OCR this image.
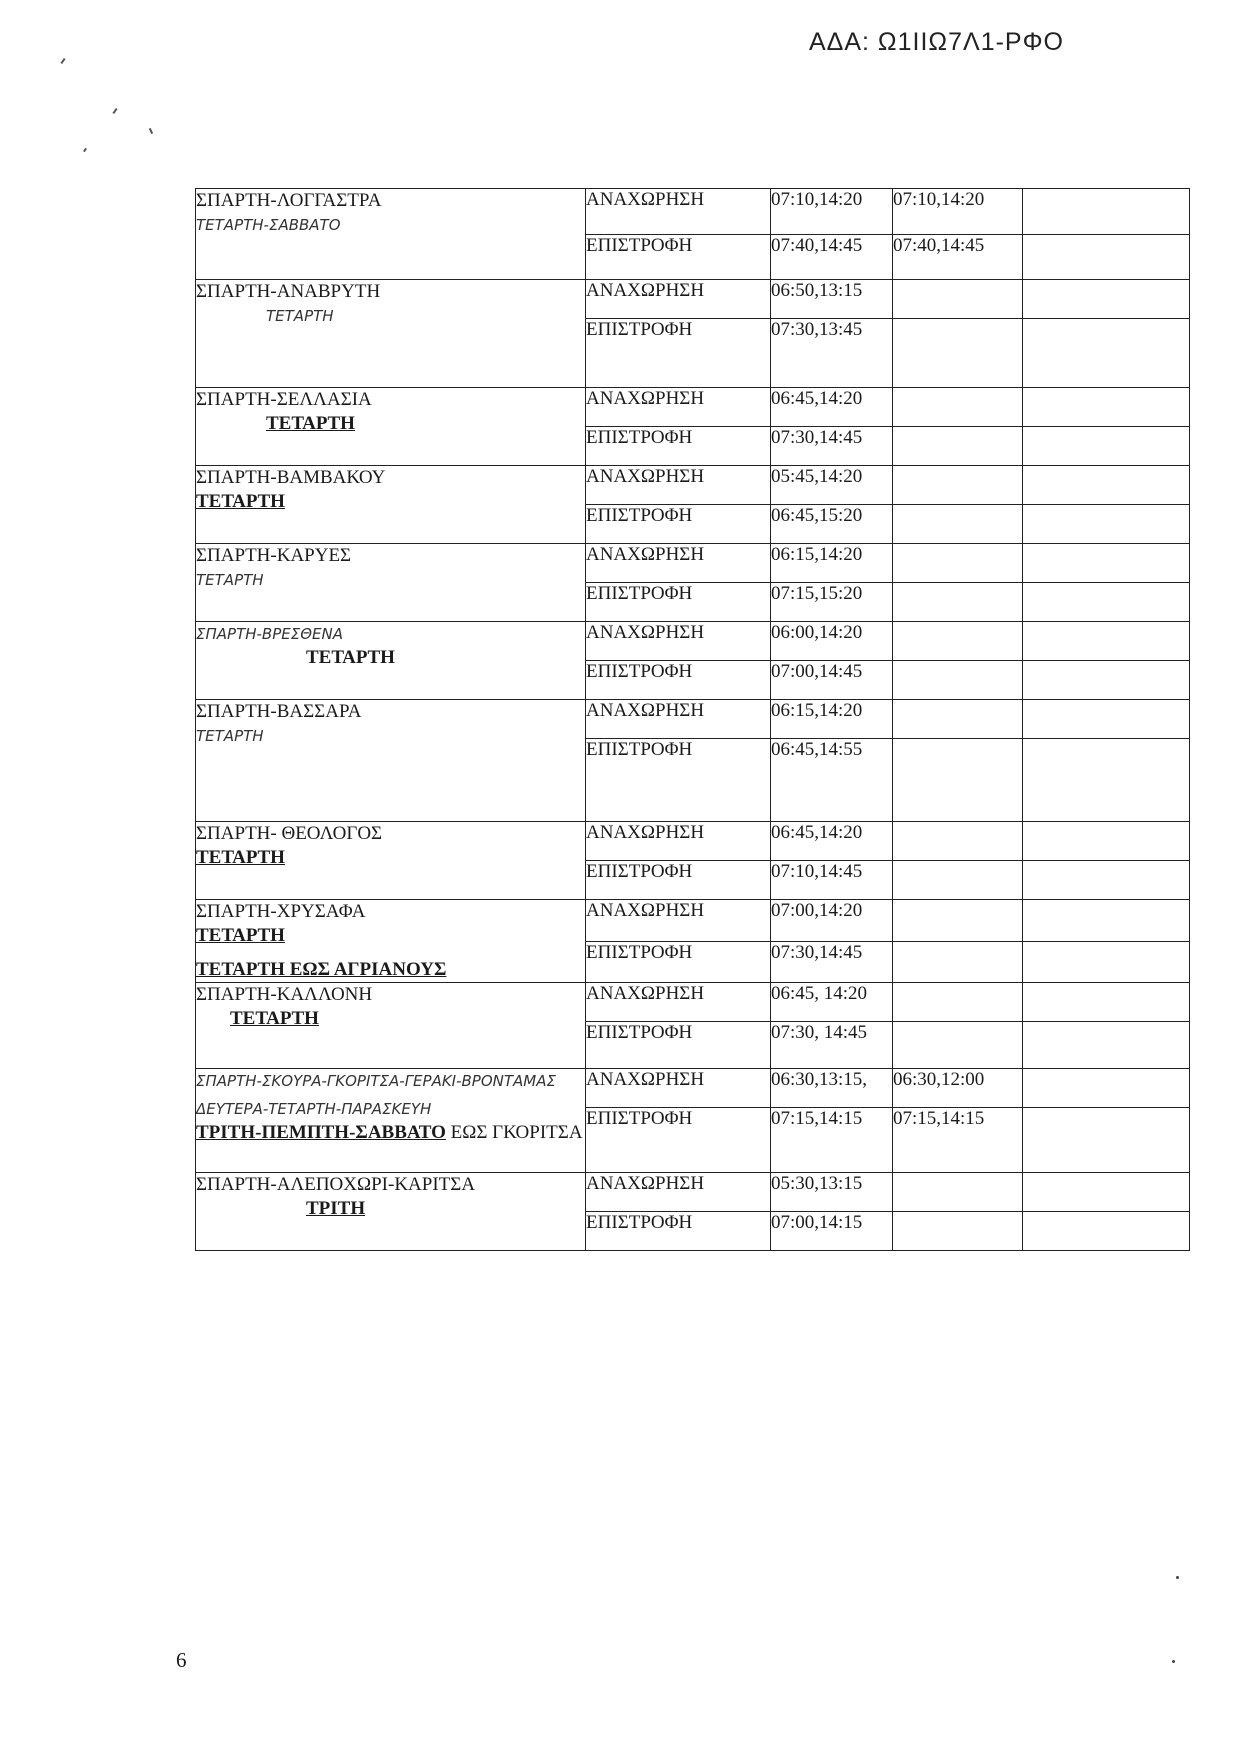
ΑΔΑ: Ω1ΙΙΩ7Λ1-ΡΦΟ
ΣΠΑΡΤΗ-ΛΟΓΓΑΣΤΡΑ
ΤΕΤΑΡΤΗ-ΣΑΒΒΑΤΟ	ΑΝΑΧΩΡΗΣΗ	07:10,14:20	07:10,14:20	
	ΕΠΙΣΤΡΟΦΗ	07:40,14:45	07:40,14:45	

ΣΠΑΡΤΗ-ΑΝΑΒΡΥΤΗ
ΤΕΤΑΡΤΗ	ΑΝΑΧΩΡΗΣΗ	06:50,13:15		
	ΕΠΙΣΤΡΟΦΗ	07:30,13:45		

ΣΠΑΡΤΗ-ΣΕΛΛΑΣΙΑ
ΤΕΤΑΡΤΗ	ΑΝΑΧΩΡΗΣΗ	06:45,14:20		
	ΕΠΙΣΤΡΟΦΗ	07:30,14:45		

ΣΠΑΡΤΗ-ΒΑΜΒΑΚΟΥ
ΤΕΤΑΡΤΗ	ΑΝΑΧΩΡΗΣΗ	05:45,14:20		
	ΕΠΙΣΤΡΟΦΗ	06:45,15:20		

ΣΠΑΡΤΗ-ΚΑΡΥΕΣ
ΤΕΤΑΡΤΗ	ΑΝΑΧΩΡΗΣΗ	06:15,14:20		
	ΕΠΙΣΤΡΟΦΗ	07:15,15:20		

ΣΠΑΡΤΗ-ΒΡΕΣΘΕΝΑ
ΤΕΤΑΡΤΗ	ΑΝΑΧΩΡΗΣΗ	06:00,14:20		
	ΕΠΙΣΤΡΟΦΗ	07:00,14:45		

ΣΠΑΡΤΗ-ΒΑΣΣΑΡΑ
ΤΕΤΑΡΤΗ	ΑΝΑΧΩΡΗΣΗ	06:15,14:20		
	ΕΠΙΣΤΡΟΦΗ	06:45,14:55		

ΣΠΑΡΤΗ- ΘΕΟΛΟΓΟΣ
ΤΕΤΑΡΤΗ	ΑΝΑΧΩΡΗΣΗ	06:45,14:20		
	ΕΠΙΣΤΡΟΦΗ	07:10,14:45		

ΣΠΑΡΤΗ-ΧΡΥΣΑΦΑ
ΤΕΤΑΡΤΗ
ΤΕΤΑΡΤΗ ΕΩΣ ΑΓΡΙΑΝΟΥΣ	ΑΝΑΧΩΡΗΣΗ	07:00,14:20		
	ΕΠΙΣΤΡΟΦΗ	07:30,14:45		

ΣΠΑΡΤΗ-ΚΑΛΛΟΝΗ
ΤΕΤΑΡΤΗ	ΑΝΑΧΩΡΗΣΗ	06:45, 14:20		
	ΕΠΙΣΤΡΟΦΗ	07:30, 14:45		

ΣΠΑΡΤΗ-ΣΚΟΥΡΑ-ΓΚΟΡΙΤΣΑ-ΓΕΡΑΚΙ-ΒΡΟΝΤΑΜΑΣ
ΔΕΥΤΕΡΑ-ΤΕΤΑΡΤΗ-ΠΑΡΑΣΚΕΥΗ
ΤΡΙΤΗ-ΠΕΜΠΤΗ-ΣΑΒΒΑΤΟ ΕΩΣ ΓΚΟΡΙΤΣΑ	ΑΝΑΧΩΡΗΣΗ	06:30,13:15,	06:30,12:00	
	ΕΠΙΣΤΡΟΦΗ	07:15,14:15	07:15,14:15	

ΣΠΑΡΤΗ-ΑΛΕΠΟΧΩΡΙ-ΚΑΡΙΤΣΑ
ΤΡΙΤΗ	ΑΝΑΧΩΡΗΣΗ	05:30,13:15		
	ΕΠΙΣΤΡΟΦΗ	07:00,14:15		
6
